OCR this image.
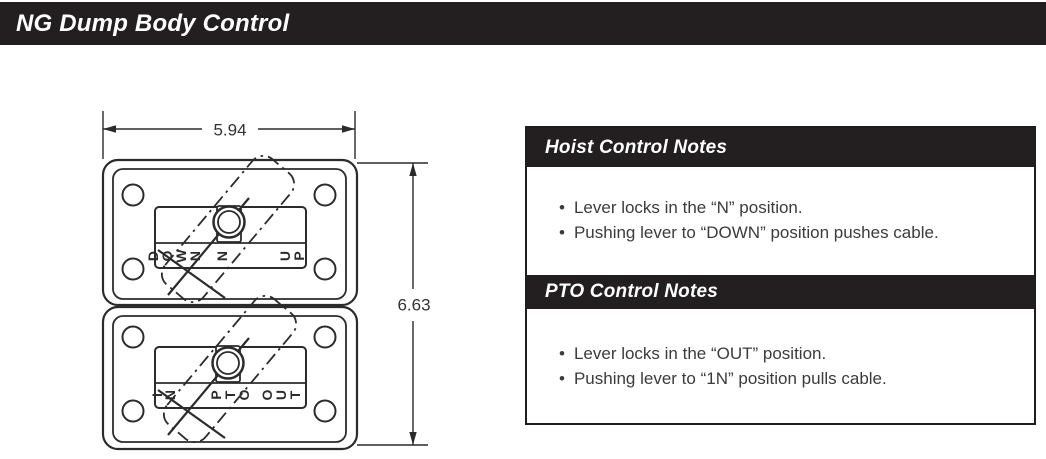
NG Dump Body Control
5.94
6.63
D
O
W
N N	U
P
I
N P
T
O O
U
T
Hoist Control Notes
• Lever locks in the “N” position.
• Pushing lever to “DOWN” position pushes cable.
PTO Control Notes
• Lever locks in the “OUT” position.
• Pushing lever to “1N” position pulls cable.
